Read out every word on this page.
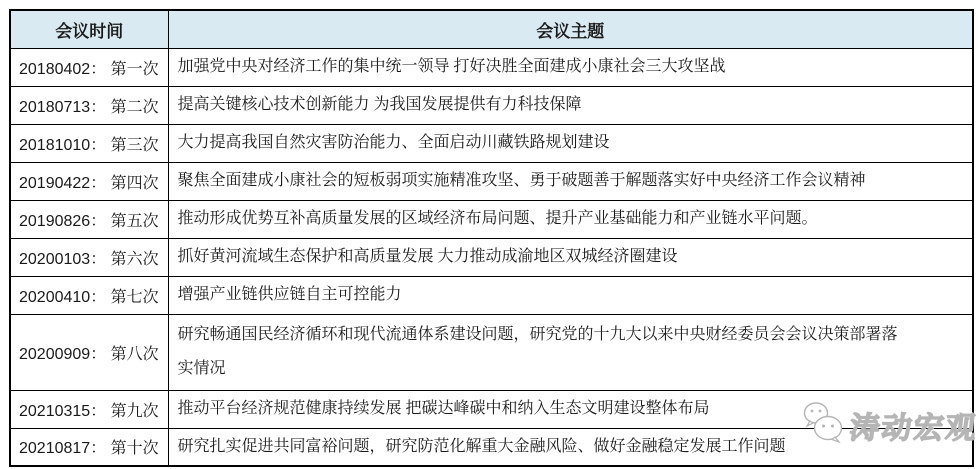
会议时间	会议主题
20180402： 第一次	加强党中央对经济工作的集中统一领导 打好决胜全面建成小康社会三大攻坚战
20180713： 第二次	提高关键核心技术创新能力 为我国发展提供有力科技保障
20181010： 第三次	大力提高我国自然灾害防治能力、全面启动川藏铁路规划建设
20190422： 第四次	聚焦全面建成小康社会的短板弱项实施精准攻坚、勇于破题善于解题落实好中央经济工作会议精神
20190826： 第五次	推动形成优势互补高质量发展的区域经济布局问题、提升产业基础能力和产业链水平问题。
20200103： 第六次	抓好黄河流域生态保护和高质量发展 大力推动成渝地区双城经济圈建设
20200410： 第七次	增强产业链供应链自主可控能力
20200909： 第八次	研究畅通国民经济循环和现代流通体系建设问题，研究党的十九大以来中央财经委员会会议决策部署落实情况
20210315： 第九次	推动平台经济规范健康持续发展 把碳达峰碳中和纳入生态文明建设整体布局
20210817： 第十次	研究扎实促进共同富裕问题，研究防范化解重大金融风险、做好金融稳定发展工作问题
涛动宏观
